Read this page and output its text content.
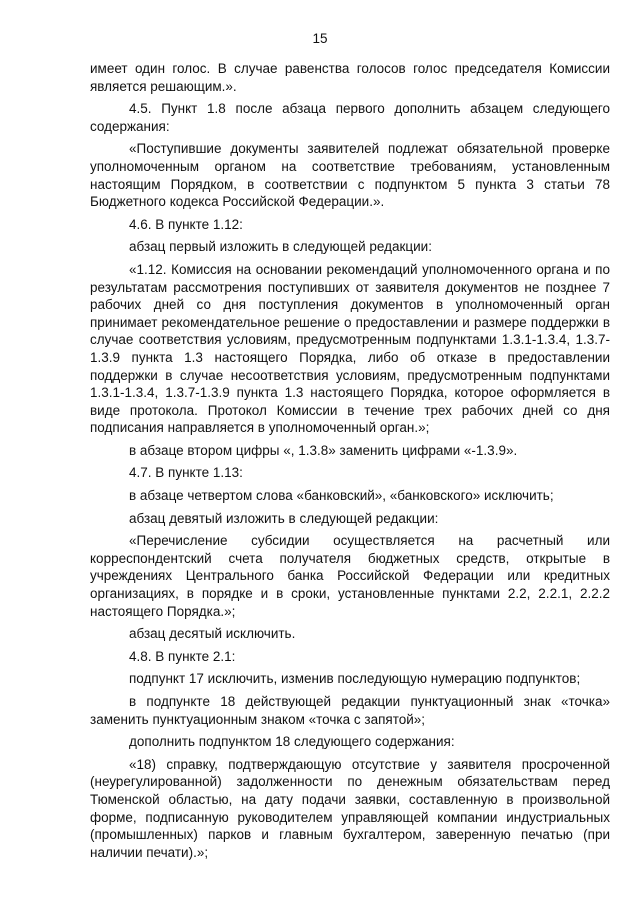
15

имеет один голос. В случае равенства голосов голос председателя Комиссии является решающим.».

4.5. Пункт 1.8 после абзаца первого дополнить абзацем следующего содержания:

«Поступившие документы заявителей подлежат обязательной проверке уполномоченным органом на соответствие требованиям, установленным настоящим Порядком, в соответствии с подпунктом 5 пункта 3 статьи 78 Бюджетного кодекса Российской Федерации.».

4.6. В пункте 1.12:

абзац первый изложить в следующей редакции:

«1.12. Комиссия на основании рекомендаций уполномоченного органа и по результатам рассмотрения поступивших от заявителя документов не позднее 7 рабочих дней со дня поступления документов в уполномоченный орган принимает рекомендательное решение о предоставлении и размере поддержки в случае соответствия условиям, предусмотренным подпунктами 1.3.1-1.3.4, 1.3.7-1.3.9 пункта 1.3 настоящего Порядка, либо об отказе в предоставлении поддержки в случае несоответствия условиям, предусмотренным подпунктами 1.3.1-1.3.4, 1.3.7-1.3.9 пункта 1.3 настоящего Порядка, которое оформляется в виде протокола. Протокол Комиссии в течение трех рабочих дней со дня подписания направляется в уполномоченный орган.»;

в абзаце втором цифры «, 1.3.8» заменить цифрами «-1.3.9».

4.7. В пункте 1.13:

в абзаце четвертом слова «банковский», «банковского» исключить;

абзац девятый изложить в следующей редакции:

«Перечисление субсидии осуществляется на расчетный или корреспондентский счета получателя бюджетных средств, открытые в учреждениях Центрального банка Российской Федерации или кредитных организациях, в порядке и в сроки, установленные пунктами 2.2, 2.2.1, 2.2.2 настоящего Порядка.»;

абзац десятый исключить.

4.8. В пункте 2.1:

подпункт 17 исключить, изменив последующую нумерацию подпунктов;

в подпункте 18 действующей редакции пунктуационный знак «точка» заменить пунктуационным знаком «точка с запятой»;

дополнить подпунктом 18 следующего содержания:

«18) справку, подтверждающую отсутствие у заявителя просроченной (неурегулированной) задолженности по денежным обязательствам перед Тюменской областью, на дату подачи заявки, составленную в произвольной форме, подписанную руководителем управляющей компании индустриальных (промышленных) парков и главным бухгалтером, заверенную печатью (при наличии печати).»;
